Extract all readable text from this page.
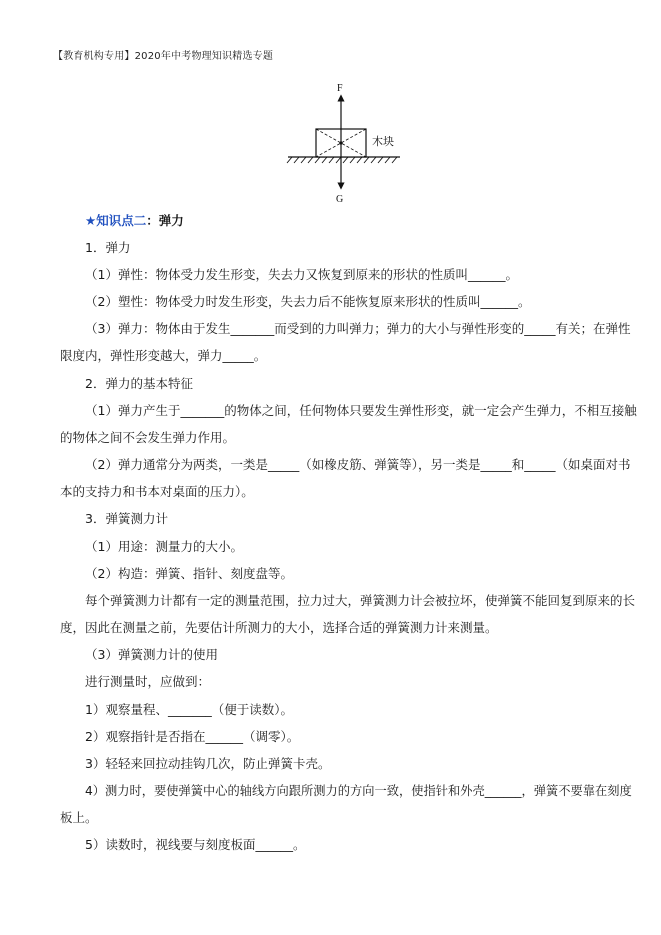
【教育机构专用】2020年中考物理知识精选专题
F
G
木块
★知识点二：弹力
1．弹力
（1）弹性：物体受力发生形变，失去力又恢复到原来的形状的性质叫______。
（2）塑性：物体受力时发生形变，失去力后不能恢复原来形状的性质叫______。
（3）弹力：物体由于发生_______而受到的力叫弹力；弹力的大小与弹性形变的_____有关；在弹性
限度内，弹性形变越大，弹力_____。
2．弹力的基本特征
（1）弹力产生于_______的物体之间，任何物体只要发生弹性形变，就一定会产生弹力，不相互接触
的物体之间不会发生弹力作用。
（2）弹力通常分为两类，一类是_____（如橡皮筋、弹簧等），另一类是_____和_____（如桌面对书
本的支持力和书本对桌面的压力）。
3．弹簧测力计
（1）用途：测量力的大小。
（2）构造：弹簧、指针、刻度盘等。
每个弹簧测力计都有一定的测量范围，拉力过大，弹簧测力计会被拉坏，使弹簧不能回复到原来的长
度，因此在测量之前，先要估计所测力的大小，选择合适的弹簧测力计来测量。
（3）弹簧测力计的使用
进行测量时，应做到：
1）观察量程、_______（便于读数）。
2）观察指针是否指在______（调零）。
3）轻轻来回拉动挂钩几次，防止弹簧卡壳。
4）测力时，要使弹簧中心的轴线方向跟所测力的方向一致，使指针和外壳______，弹簧不要靠在刻度
板上。
5）读数时，视线要与刻度板面______。
